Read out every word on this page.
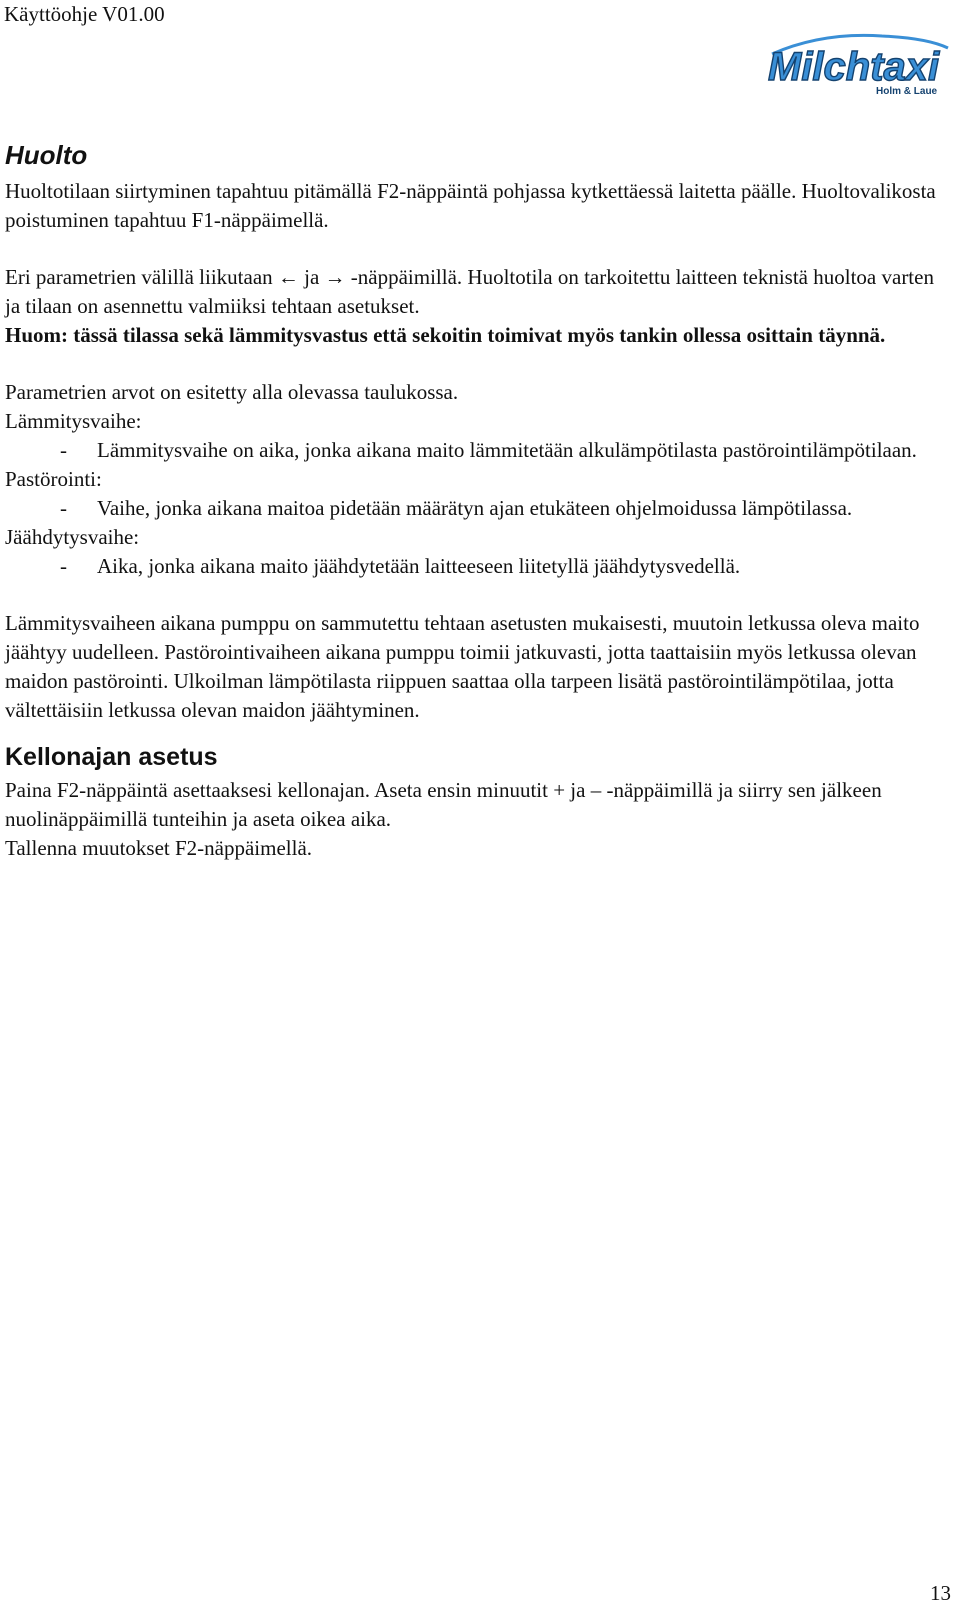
Käyttöohje V01.00
Milchtaxi
Holm & Laue
Huolto

Huoltotilaan siirtyminen tapahtuu pitämällä F2-näppäintä pohjassa kytkettäessä laitetta päälle. Huoltovalikosta poistuminen tapahtuu F1-näppäimellä.

Eri parametrien välillä liikutaan ← ja → -näppäimillä. Huoltotila on tarkoitettu laitteen teknistä huoltoa varten ja tilaan on asennettu valmiiksi tehtaan asetukset.

Huom: tässä tilassa sekä lämmitysvastus että sekoitin toimivat myös tankin ollessa osittain täynnä.

Parametrien arvot on esitetty alla olevassa taulukossa.

Lämmitysvaihe:

- Lämmitysvaihe on aika, jonka aikana maito lämmitetään alkulämpötilasta pastörointilämpötilaan.

Pastörointi:

- Vaihe, jonka aikana maitoa pidetään määrätyn ajan etukäteen ohjelmoidussa lämpötilassa.

Jäähdytysvaihe:

- Aika, jonka aikana maito jäähdytetään laitteeseen liitetyllä jäähdytysvedellä.

Lämmitysvaiheen aikana pumppu on sammutettu tehtaan asetusten mukaisesti, muutoin letkussa oleva maito jäähtyy uudelleen. Pastörointivaiheen aikana pumppu toimii jatkuvasti, jotta taattaisiin myös letkussa olevan maidon pastörointi. Ulkoilman lämpötilasta riippuen saattaa olla tarpeen lisätä pastörointilämpötilaa, jotta vältettäisiin letkussa olevan maidon jäähtyminen.

Kellonajan asetus

Paina F2-näppäintä asettaaksesi kellonajan. Aseta ensin minuutit + ja – -näppäimillä ja siirry sen jälkeen nuolinäppäimillä tunteihin ja aseta oikea aika.

Tallenna muutokset F2-näppäimellä.

13
